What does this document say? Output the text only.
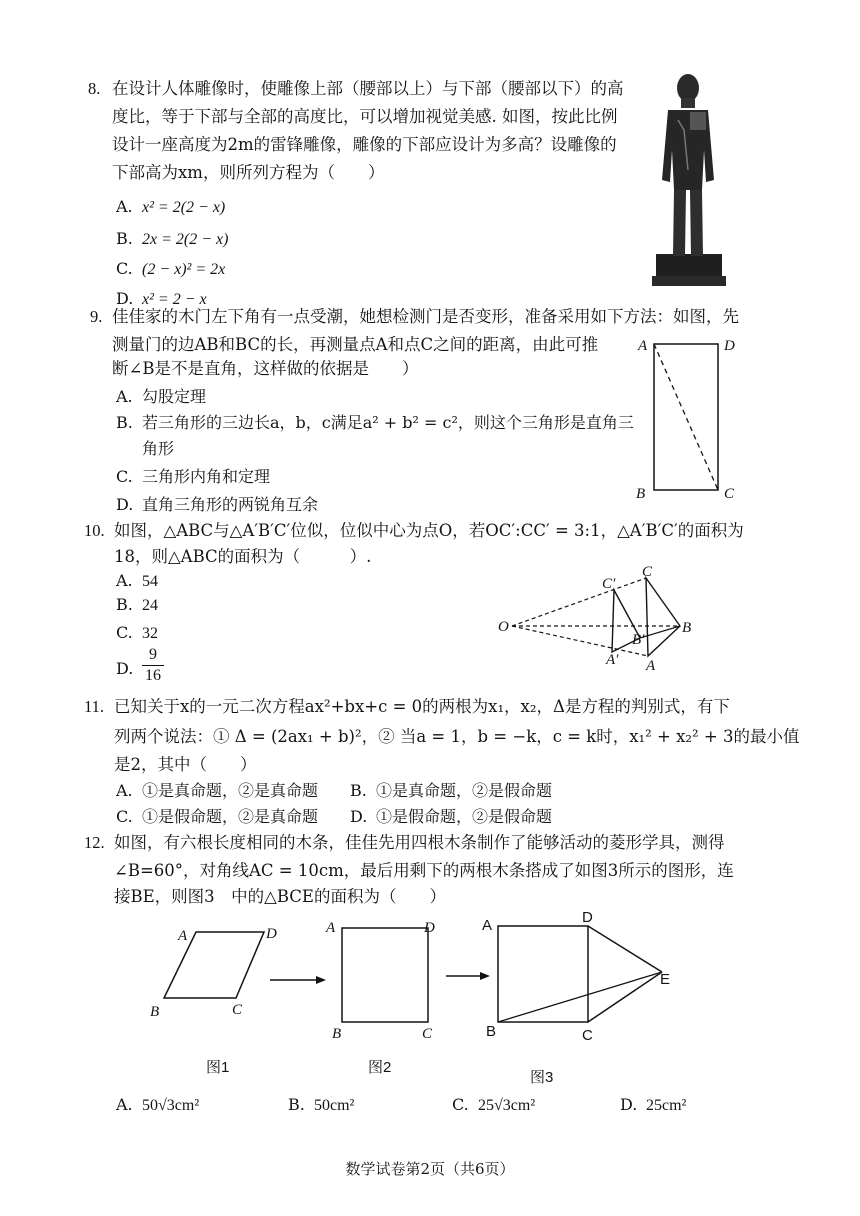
8. 在设计人体雕像时，使雕像上部（腰部以上）与下部（腰部以下）的高
度比，等于下部与全部的高度比，可以增加视觉美感. 如图，按此比例
设计一座高度为2m的雷锋雕像，雕像的下部应设计为多高？设雕像的
下部高为xm，则所列方程为（　　）
A. x² = 2(2 − x)
B. 2x = 2(2 − x)
C. (2 − x)² = 2x
D. x² = 2 − x
9. 佳佳家的木门左下角有一点受潮，她想检测门是否变形，准备采用如下方法：如图，先
测量门的边AB和BC的长，再测量点A和点C之间的距离，由此可推
断∠B是不是直角，这样做的依据是　　）
A. 勾股定理
B. 若三角形的三边长a，b，c满足a² + b² = c²，则这个三角形是直角三
角形
C. 三角形内角和定理
D. 直角三角形的两锐角互余
A	D
B	C
10. 如图，△ABC与△A′B′C′位似，位似中心为点O，若OC′:CC′ = 3:1，△A′B′C′的面积为
18，则△ABC的面积为（　　　）.
A. 54
B. 24
C. 32
D.
9
16
O
C′
C
B′
B
A′ A
11. 已知关于x的一元二次方程ax²+bx+c = 0的两根为x₁，x₂，Δ是方程的判别式，有下
列两个说法：① Δ = (2ax₁ + b)²，② 当a = 1，b = −k，c = k时，x₁² + x₂² + 3的最小值
是2，其中（　　）
A. ①是真命题，②是真命题 B. ①是真命题，②是假命题
C. ①是假命题，②是真命题 D. ①是假命题，②是假命题
12. 如图，有六根长度相同的木条，佳佳先用四根木条制作了能够活动的菱形学具，测得
∠B=60°，对角线AC = 10cm，最后用剩下的两根木条搭成了如图3所示的图形，连
接BE，则图3　中的△BCE的面积为（　　）
A	D
B	C
A	D
B	C
A	D
E
B	C
图1	图2
图3
A. 50√3cm²	B. 50cm²	C. 25√3cm²	D. 25cm²
数学试卷第2页（共6页）
